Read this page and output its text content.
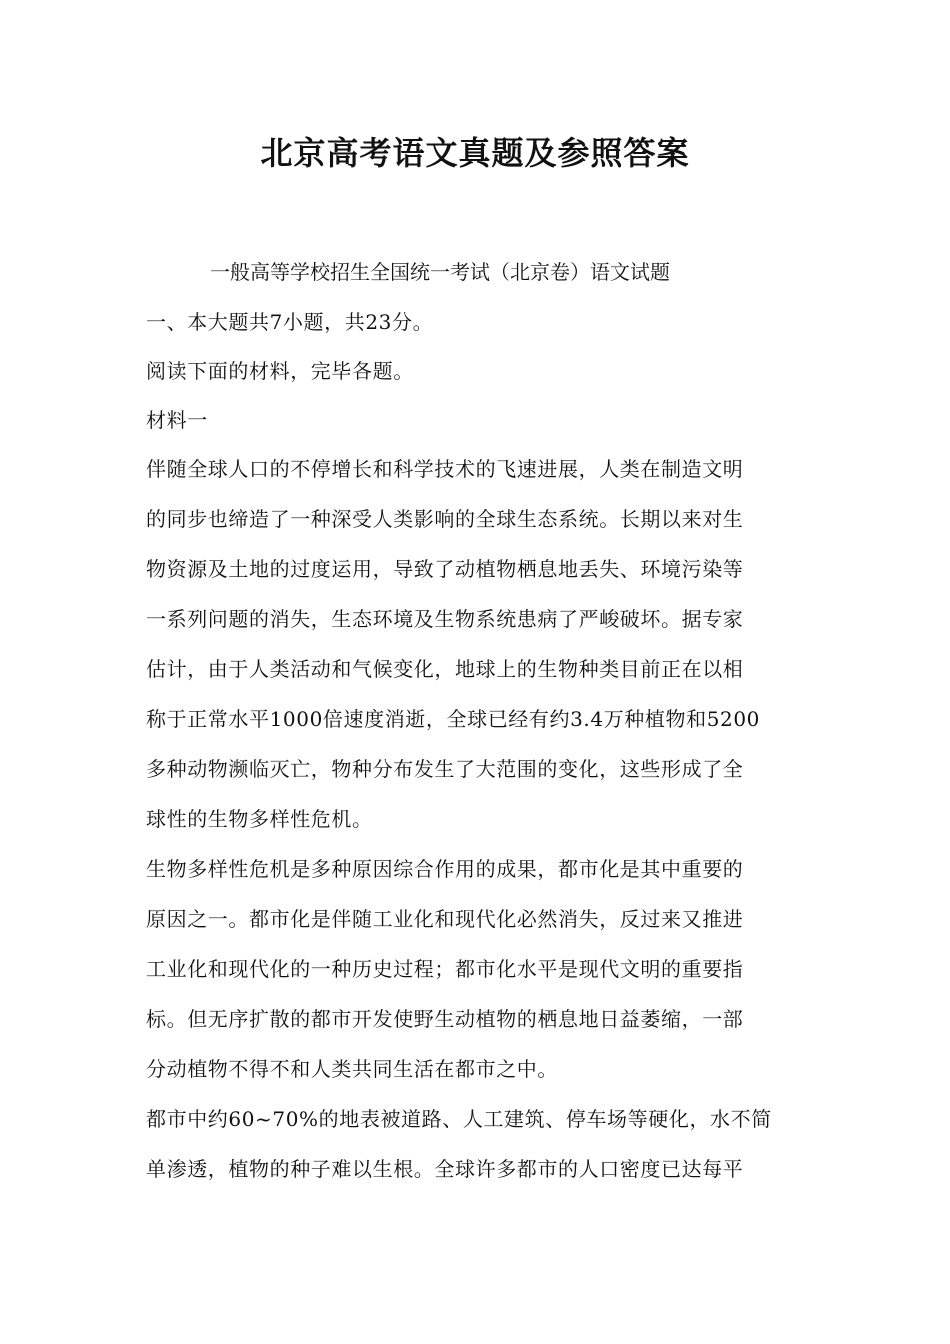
北京高考语文真题及参照答案
一般高等学校招生全国统一考试（北京卷）语文试题
一、本大题共7小题，共23分。
阅读下面的材料，完毕各题。
材料一
伴随全球人口的不停增长和科学技术的飞速进展，人类在制造文明
的同步也缔造了一种深受人类影响的全球生态系统。长期以来对生
物资源及土地的过度运用，导致了动植物栖息地丢失、环境污染等
一系列问题的消失，生态环境及生物系统患病了严峻破坏。据专家
估计，由于人类活动和气候变化，地球上的生物种类目前正在以相
称于正常水平1000倍速度消逝，全球已经有约3.4万种植物和5200
多种动物濒临灭亡，物种分布发生了大范围的变化，这些形成了全
球性的生物多样性危机。
生物多样性危机是多种原因综合作用的成果，都市化是其中重要的
原因之一。都市化是伴随工业化和现代化必然消失，反过来又推进
工业化和现代化的一种历史过程；都市化水平是现代文明的重要指
标。但无序扩散的都市开发使野生动植物的栖息地日益萎缩，一部
分动植物不得不和人类共同生活在都市之中。
都市中约60~70%的地表被道路、人工建筑、停车场等硬化，水不简
单渗透，植物的种子难以生根。全球许多都市的人口密度已达每平
